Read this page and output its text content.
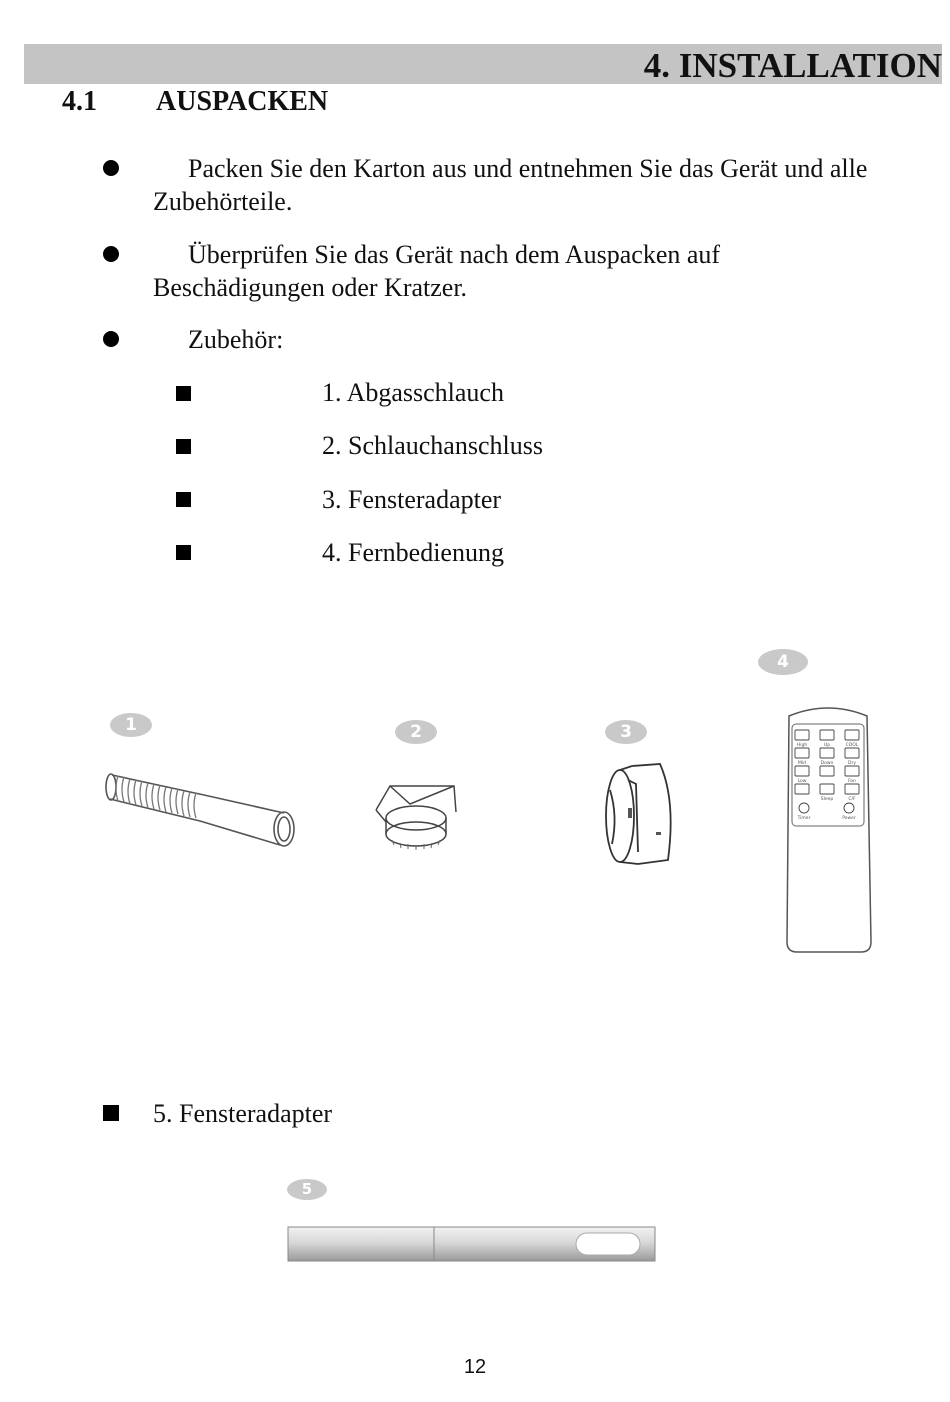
4. INSTALLATION
4.1 AUSPACKEN
Packen Sie den Karton aus und entnehmen Sie das Gerät und alle
Zubehörteile.
Überprüfen Sie das Gerät nach dem Auspacken auf
Beschädigungen oder Kratzer.
Zubehör:
1. Abgasschlauch
2. Schlauchanschluss
3. Fensteradapter
4. Fernbedienung
1	2	3
4
High	Up	COOL
Mid	Down	Dry
Low	Fan
Sleep	C/F
Timer	Power
5. Fensteradapter
5
12
